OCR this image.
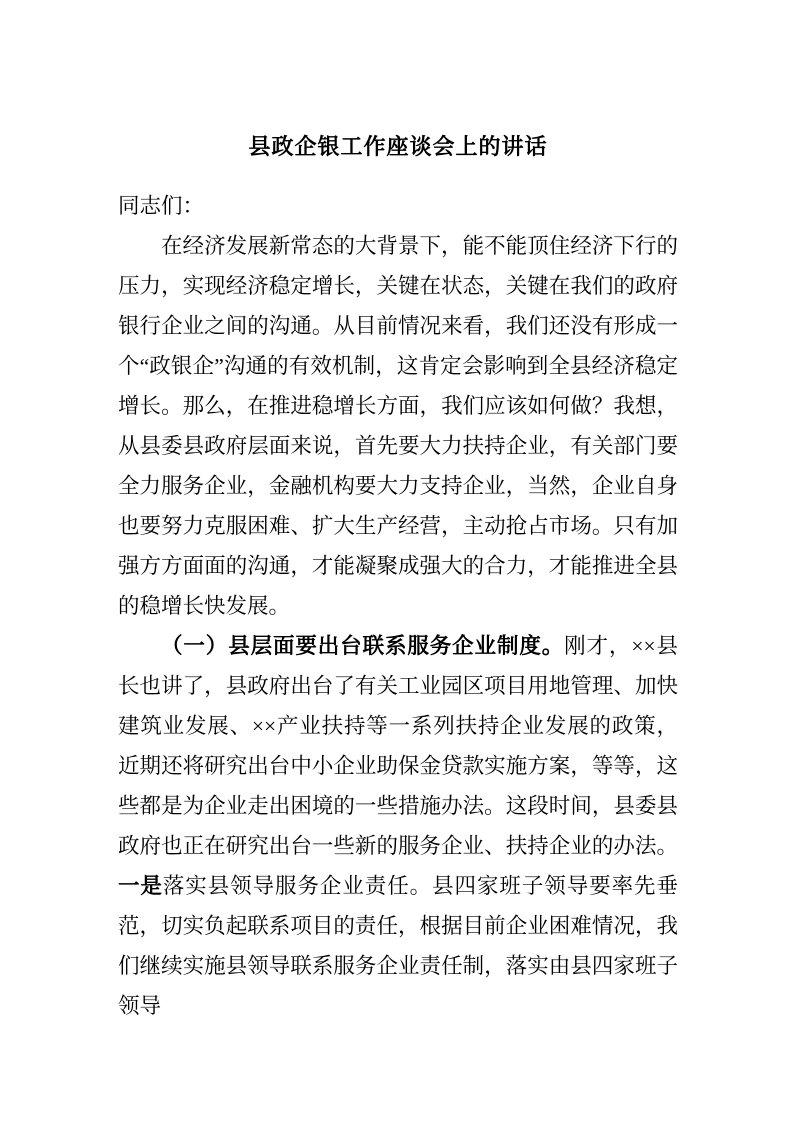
县政企银工作座谈会上的讲话

同志们：

在经济发展新常态的大背景下，能不能顶住经济下行的压力，实现经济稳定增长，关键在状态，关键在我们的政府银行企业之间的沟通。从目前情况来看，我们还没有形成一个“政银企”沟通的有效机制，这肯定会影响到全县经济稳定增长。那么，在推进稳增长方面，我们应该如何做？我想，从县委县政府层面来说，首先要大力扶持企业，有关部门要全力服务企业，金融机构要大力支持企业，当然，企业自身也要努力克服困难、扩大生产经营，主动抢占市场。只有加强方方面面的沟通，才能凝聚成强大的合力，才能推进全县的稳增长快发展。

（一）县层面要出台联系服务企业制度。刚才，××县长也讲了，县政府出台了有关工业园区项目用地管理、加快建筑业发展、××产业扶持等一系列扶持企业发展的政策，近期还将研究出台中小企业助保金贷款实施方案，等等，这些都是为企业走出困境的一些措施办法。这段时间，县委县政府也正在研究出台一些新的服务企业、扶持企业的办法。一是落实县领导服务企业责任。县四家班子领导要率先垂范，切实负起联系项目的责任，根据目前企业困难情况，我们继续实施县领导联系服务企业责任制，落实由县四家班子领导
